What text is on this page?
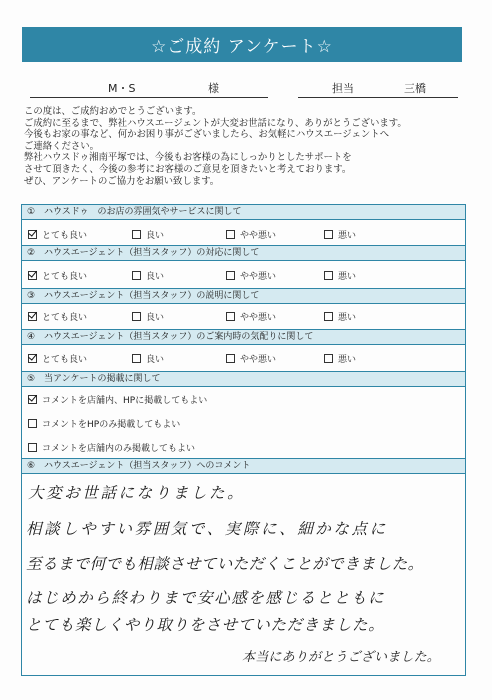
☆ご成約 アンケート☆
M・S	様	担当	三橋
この度は、ご成約おめでとうございます。
ご成約に至るまで、弊社ハウスエージェントが大変お世話になり、ありがとうございます。
今後もお家の事など、何かお困り事がございましたら、お気軽にハウスエージェントへ
ご連絡ください。
弊社ハウスドゥ湘南平塚では、今後もお客様の為にしっかりとしたサポートを
させて頂きたく、今後の参考にお客様のご意見を頂きたいと考えております。
ぜひ、アンケートのご協力をお願い致します。
① ハウスドゥ　のお店の雰囲気やサービスに関して
とても良い	良い	やや悪い	悪い
② ハウスエージェント（担当スタッフ）の対応に関して
とても良い	良い	やや悪い	悪い
③ ハウスエージェント（担当スタッフ）の説明に関して
とても良い	良い	やや悪い	悪い
④ ハウスエージェント（担当スタッフ）のご案内時の気配りに関して
とても良い	良い	やや悪い	悪い
⑤ 当アンケートの掲載に関して
コメントを店舗内、HPに掲載してもよい
コメントをHPのみ掲載してもよい
コメントを店舗内のみ掲載してもよい
⑥ ハウスエージェント（担当スタッフ）へのコメント
大変お世話になりました。
相談しやすい雰囲気で、実際に、細かな点に
至るまで何でも相談させていただくことができました。
はじめから終わりまで安心感を感じるとともに
とても楽しくやり取りをさせていただきました。
本当にありがとうございました。
